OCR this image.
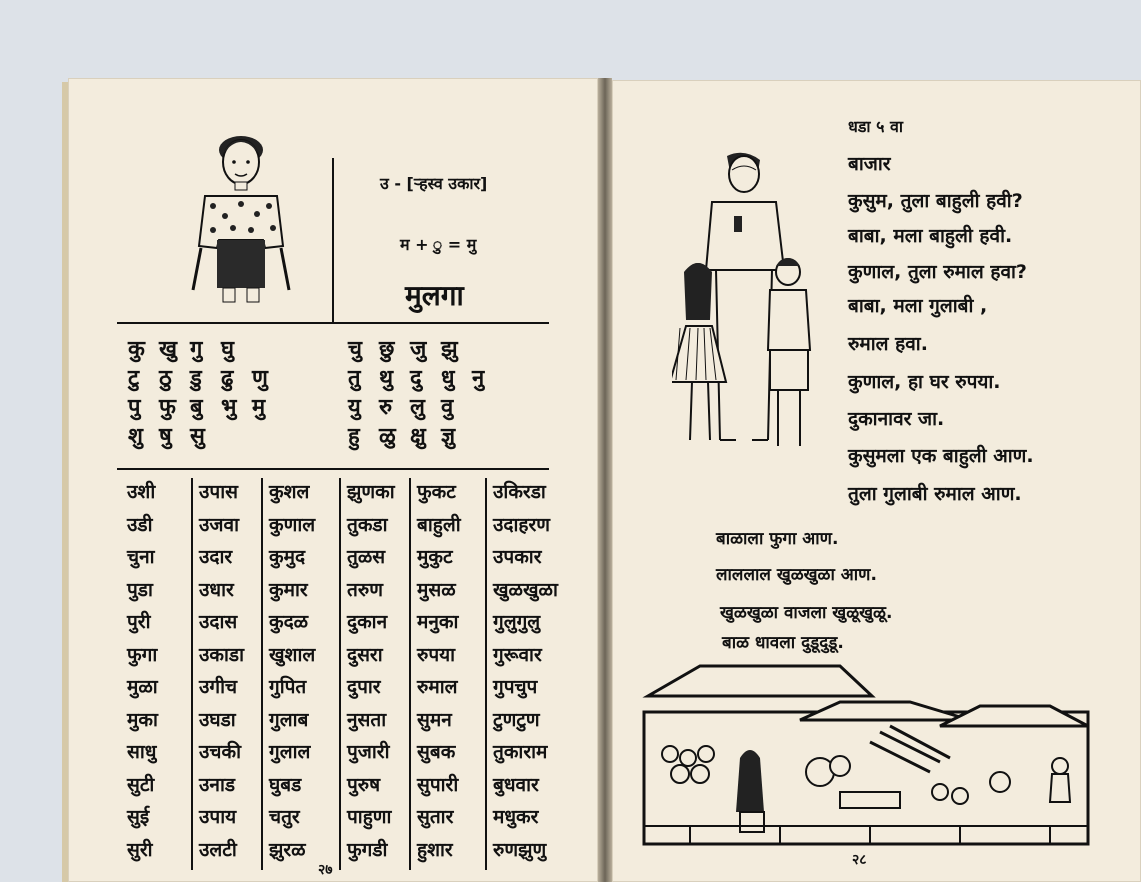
उ - [ऱ्हस्व उकार]
म + ु = मु
मुलगा
कु खु गु घु
टु ठु डु ढु णु
पु फु बु भु मु
शु षु सु
चु छु जु झु
तु थु दु धु नु
यु रु लु वु
हु ळु क्षु ज्ञु
उशी
उडी
चुना
पुडा
पुरी
फुगा
मुळा
मुका
साधु
सुटी
सुई
सुरी
उपास
उजवा
उदार
उधार
उदास
उकाडा
उगीच
उघडा
उचकी
उनाड
उपाय
उलटी
कुशल
कुणाल
कुमुद
कुमार
कुदळ
खुशाल
गुपित
गुलाब
गुलाल
घुबड
चतुर
झुरळ
झुणका
तुकडा
तुळस
तरुण
दुकान
दुसरा
दुपार
नुसता
पुजारी
पुरुष
पाहुणा
फुगडी
फुकट
बाहुली
मुकुट
मुसळ
मनुका
रुपया
रुमाल
सुमन
सुबक
सुपारी
सुतार
हुशार
उकिरडा
उदाहरण
उपकार
खुळखुळा
गुलुगुलु
गुरूवार
गुपचुप
टुणटुण
तुकाराम
बुधवार
मधुकर
रुणझुणु
२७
धडा ५ वा
बाजार
कुसुम, तुला बाहुली हवी?
बाबा, मला बाहुली हवी.
कुणाल, तुला रुमाल हवा?
बाबा, मला गुलाबी ,
रुमाल हवा.
कुणाल, हा घर रुपया.
दुकानावर जा.
कुसुमला एक बाहुली आण.
तुला गुलाबी रुमाल आण.
बाळाला फुगा आण.
लाललाल खुळखुळा आण.
खुळखुळा वाजला खुळूखुळू.
बाळ धावला दुडूदुडू.
२८
